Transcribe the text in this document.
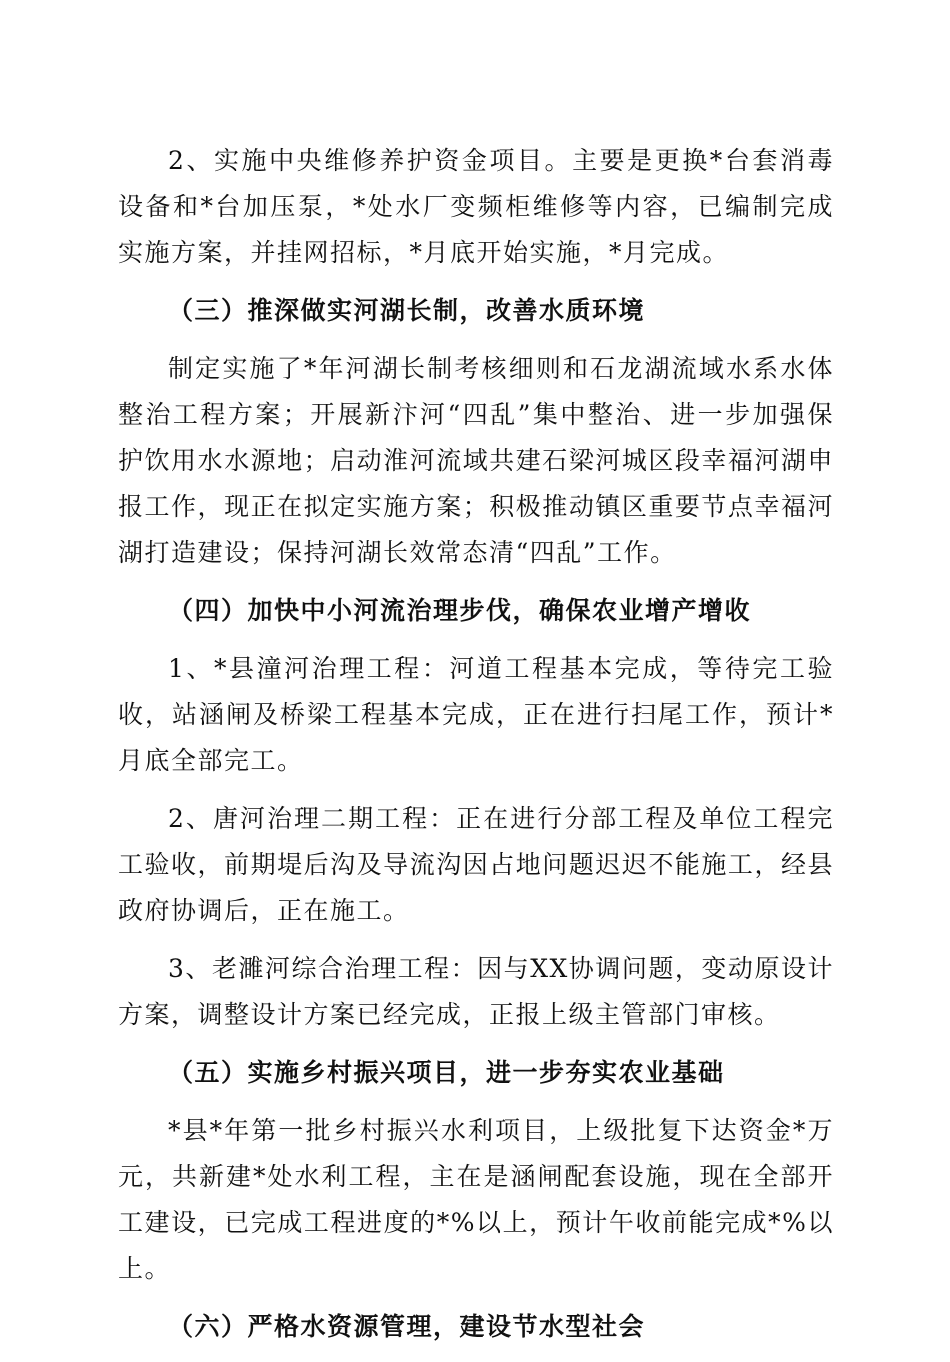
2、实施中央维修养护资金项目。主要是更换*台套消毒设备和*台加压泵，*处水厂变频柜维修等内容，已编制完成实施方案，并挂网招标，*月底开始实施，*月完成。

（三）推深做实河湖长制，改善水质环境

制定实施了*年河湖长制考核细则和石龙湖流域水系水体整治工程方案；开展新汴河“四乱”集中整治、进一步加强保护饮用水水源地；启动淮河流域共建石梁河城区段幸福河湖申报工作，现正在拟定实施方案；积极推动镇区重要节点幸福河湖打造建设；保持河湖长效常态清“四乱”工作。

（四）加快中小河流治理步伐，确保农业增产增收

1、*县潼河治理工程：河道工程基本完成，等待完工验收，站涵闸及桥梁工程基本完成，正在进行扫尾工作，预计*月底全部完工。

2、唐河治理二期工程：正在进行分部工程及单位工程完工验收，前期堤后沟及导流沟因占地问题迟迟不能施工，经县政府协调后，正在施工。

3、老濉河综合治理工程：因与XX协调问题，变动原设计方案，调整设计方案已经完成，正报上级主管部门审核。

（五）实施乡村振兴项目，进一步夯实农业基础

*县*年第一批乡村振兴水利项目，上级批复下达资金*万元，共新建*处水利工程，主在是涵闸配套设施，现在全部开工建设，已完成工程进度的*%以上，预计午收前能完成*%以上。

（六）严格水资源管理，建设节水型社会
